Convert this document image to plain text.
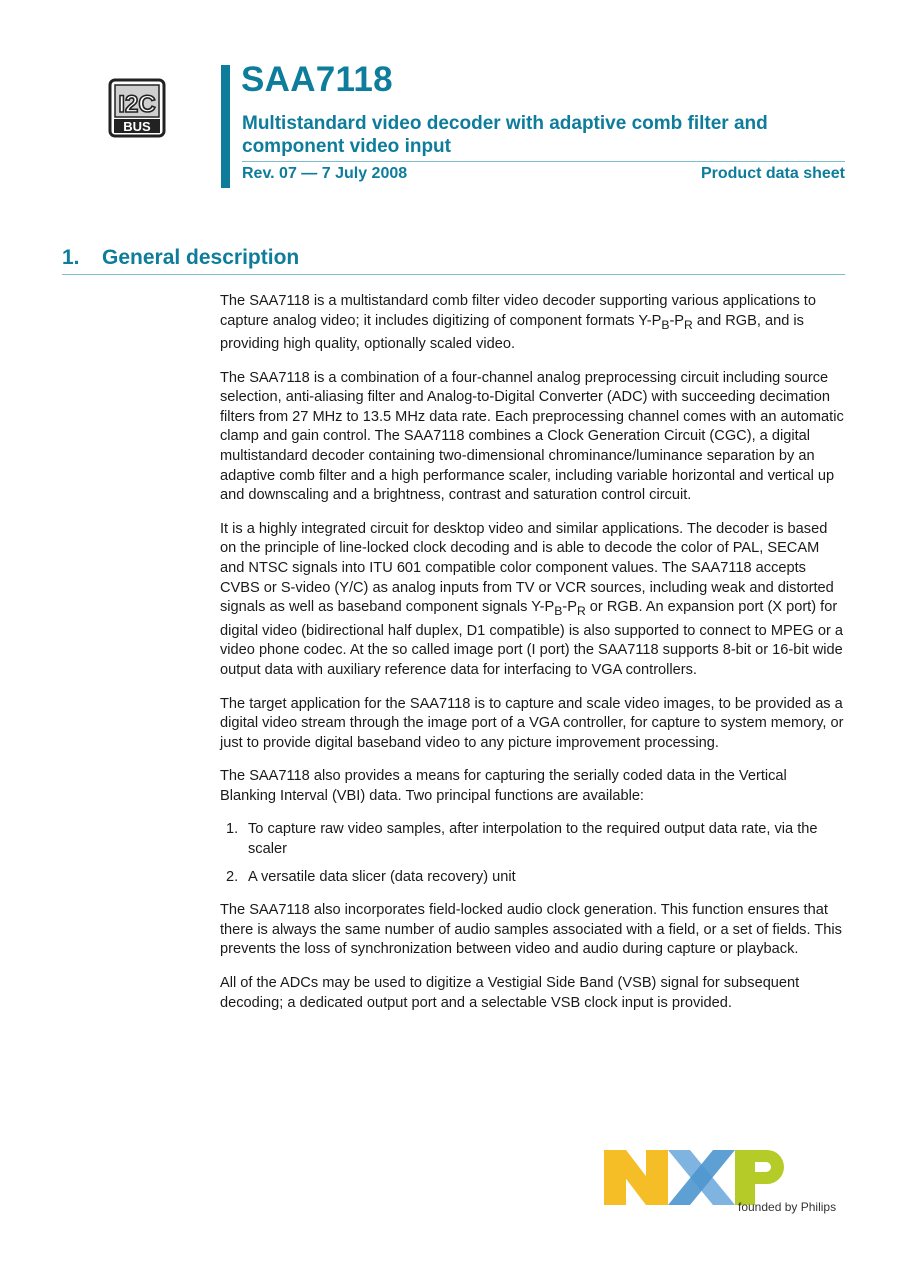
I2C
BUS
SAA7118
Multistandard video decoder with adaptive comb filter and component video input
Rev. 07 — 7 July 2008	Product data sheet
1. General description

The SAA7118 is a multistandard comb filter video decoder supporting various applications to capture analog video; it includes digitizing of component formats $Y-P_B-P_R$ and RGB, and is providing high quality, optionally scaled video.

The SAA7118 is a combination of a four-channel analog preprocessing circuit including source selection, anti-aliasing filter and Analog-to-Digital Converter (ADC) with succeeding decimation filters from 27 MHz to 13.5 MHz data rate. Each preprocessing channel comes with an automatic clamp and gain control. The SAA7118 combines a Clock Generation Circuit (CGC), a digital multistandard decoder containing two-dimensional chrominance/luminance separation by an adaptive comb filter and a high performance scaler, including variable horizontal and vertical up and downscaling and a brightness, contrast and saturation control circuit.

It is a highly integrated circuit for desktop video and similar applications. The decoder is based on the principle of line-locked clock decoding and is able to decode the color of PAL, SECAM and NTSC signals into ITU 601 compatible color component values. The SAA7118 accepts CVBS or S-video (Y/C) as analog inputs from TV or VCR sources, including weak and distorted signals as well as baseband component signals $Y-P_B-P_R$ or RGB. An expansion port (X port) for digital video (bidirectional half duplex, D1 compatible) is also supported to connect to MPEG or a video phone codec. At the so called image port (I port) the SAA7118 supports 8-bit or 16-bit wide output data with auxiliary reference data for interfacing to VGA controllers.

The target application for the SAA7118 is to capture and scale video images, to be provided as a digital video stream through the image port of a VGA controller, for capture to system memory, or just to provide digital baseband video to any picture improvement processing.

The SAA7118 also provides a means for capturing the serially coded data in the Vertical Blanking Interval (VBI) data. Two principal functions are available:

1. To capture raw video samples, after interpolation to the required output data rate, via the scaler
2. A versatile data slicer (data recovery) unit

The SAA7118 also incorporates field-locked audio clock generation. This function ensures that there is always the same number of audio samples associated with a field, or a set of fields. This prevents the loss of synchronization between video and audio during capture or playback.

All of the ADCs may be used to digitize a Vestigial Side Band (VSB) signal for subsequent decoding; a dedicated output port and a selectable VSB clock input is provided.

founded by Philips
